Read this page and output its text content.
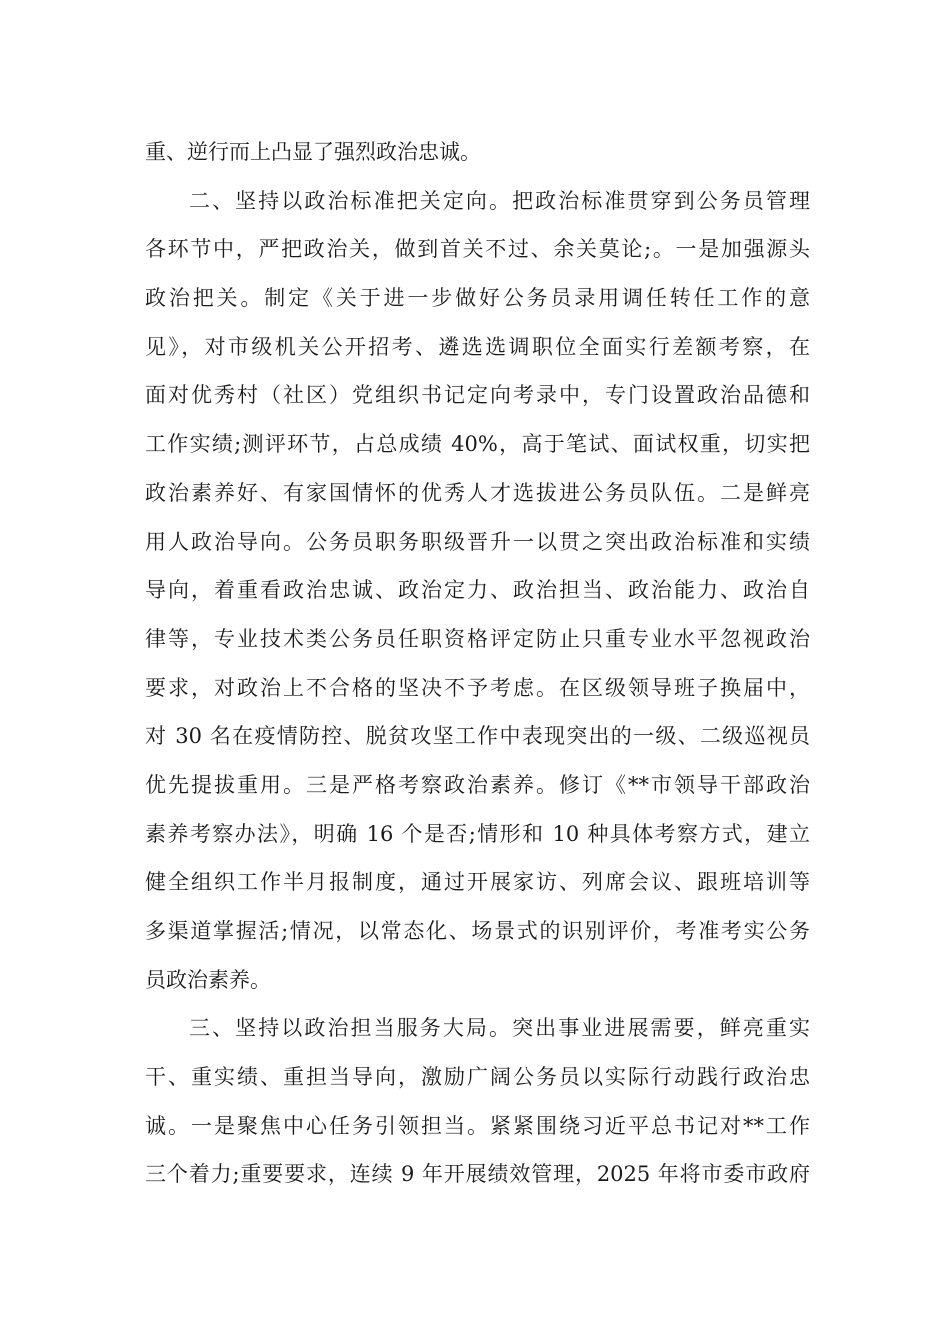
重、逆行而上凸显了强烈政治忠诚。
二、坚持以政治标准把关定向。把政治标准贯穿到公务员管理
各环节中，严把政治关，做到首关不过、余关莫论;。一是加强源头
政治把关。制定《关于进一步做好公务员录用调任转任工作的意
见》，对市级机关公开招考、遴选选调职位全面实行差额考察，在
面对优秀村（社区）党组织书记定向考录中，专门设置政治品德和
工作实绩;测评环节，占总成绩 40%，高于笔试、面试权重，切实把
政治素养好、有家国情怀的优秀人才选拔进公务员队伍。二是鲜亮
用人政治导向。公务员职务职级晋升一以贯之突出政治标准和实绩
导向，着重看政治忠诚、政治定力、政治担当、政治能力、政治自
律等，专业技术类公务员任职资格评定防止只重专业水平忽视政治
要求，对政治上不合格的坚决不予考虑。在区级领导班子换届中，
对 30 名在疫情防控、脱贫攻坚工作中表现突出的一级、二级巡视员
优先提拔重用。三是严格考察政治素养。修订《**市领导干部政治
素养考察办法》，明确 16 个是否;情形和 10 种具体考察方式，建立
健全组织工作半月报制度，通过开展家访、列席会议、跟班培训等
多渠道掌握活;情况，以常态化、场景式的识别评价，考准考实公务
员政治素养。
三、坚持以政治担当服务大局。突出事业进展需要，鲜亮重实
干、重实绩、重担当导向，激励广阔公务员以实际行动践行政治忠
诚。一是聚焦中心任务引领担当。紧紧围绕习近平总书记对**工作
三个着力;重要要求，连续 9 年开展绩效管理，2025 年将市委市政府
